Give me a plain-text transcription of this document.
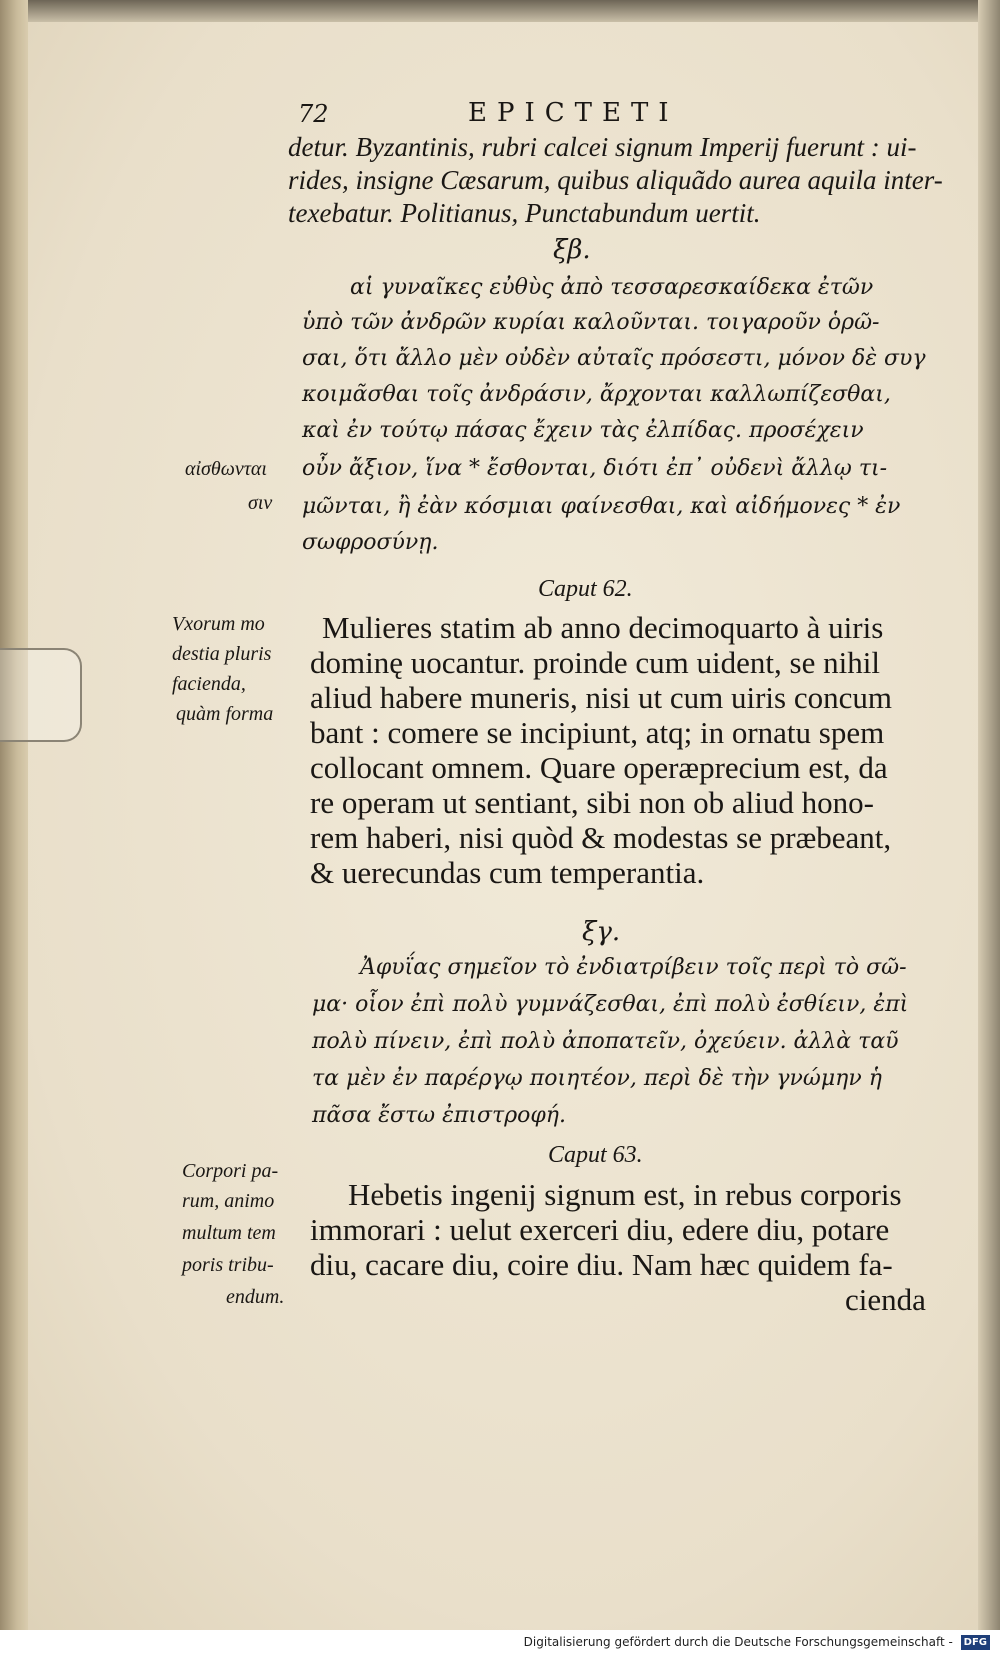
72	EPICTETI
detur. Byzantinis, rubri calcei signum Imperij fuerunt : ui-
rides, insigne Cæsarum, quibus aliquãdo aurea aquila inter-
texebatur. Politianus, Punctabundum uertit.
ξβ.
αἱ γυναῖκες εὐθὺς ἀπὸ τεσσαρεσκαίδεκα ἐτῶν
ὑπὸ τῶν ἀνδρῶν κυρίαι καλοῦνται. τοιγαροῦν ὁρῶ-
σαι, ὅτι ἄλλο μὲν οὐδὲν αὐταῖς πρόσεστι, μόνον δὲ συγ
κοιμᾶσθαι τοῖς ἀνδράσιν, ἄρχονται καλλωπίζεσθαι,
καὶ ἐν τούτῳ πάσας ἔχειν τὰς ἐλπίδας. προσέχειν
οὖν ἄξιον, ἵνα * ἔσθονται, διότι ἐπ᾽ οὐδενὶ ἄλλῳ τι-
μῶνται, ἢ ἐὰν κόσμιαι φαίνεσθαι, καὶ αἰδήμονες * ἐν
σωφροσύνῃ.
αἰσθωνται
σιν
Caput 62.
Mulieres statim ab anno decimoquarto à uiris
dominę uocantur. proinde cum uident, se nihil
aliud habere muneris, nisi ut cum uiris concum
bant : comere se incipiunt, atq; in ornatu spem
collocant omnem. Quare operæprecium est, da
re operam ut sentiant, sibi non ob aliud hono-
rem haberi, nisi quòd & modestas se præbeant,
& uerecundas cum temperantia.
Vxorum mo
destia pluris
facienda,
quàm forma
ξγ.
Ἀφυΐας σημεῖον τὸ ἐνδιατρίβειν τοῖς περὶ τὸ σῶ-
μα· οἷον ἐπὶ πολὺ γυμνάζεσθαι, ἐπὶ πολὺ ἐσθίειν, ἐπὶ
πολὺ πίνειν, ἐπὶ πολὺ ἀποπατεῖν, ὀχεύειν. ἀλλὰ ταῦ
τα μὲν ἐν παρέργῳ ποιητέον, περὶ δὲ τὴν γνώμην ἡ
πᾶσα ἔστω ἐπιστροφή.
Caput 63.
Hebetis ingenij signum est, in rebus corporis
immorari : uelut exerceri diu, edere diu, potare
diu, cacare diu, coire diu. Nam hæc quidem fa-
cienda
Corpori pa-
rum, animo
multum tem
poris tribu-
endum.
Digitalisierung gefördert durch die Deutsche Forschungsgemeinschaft - DFG
